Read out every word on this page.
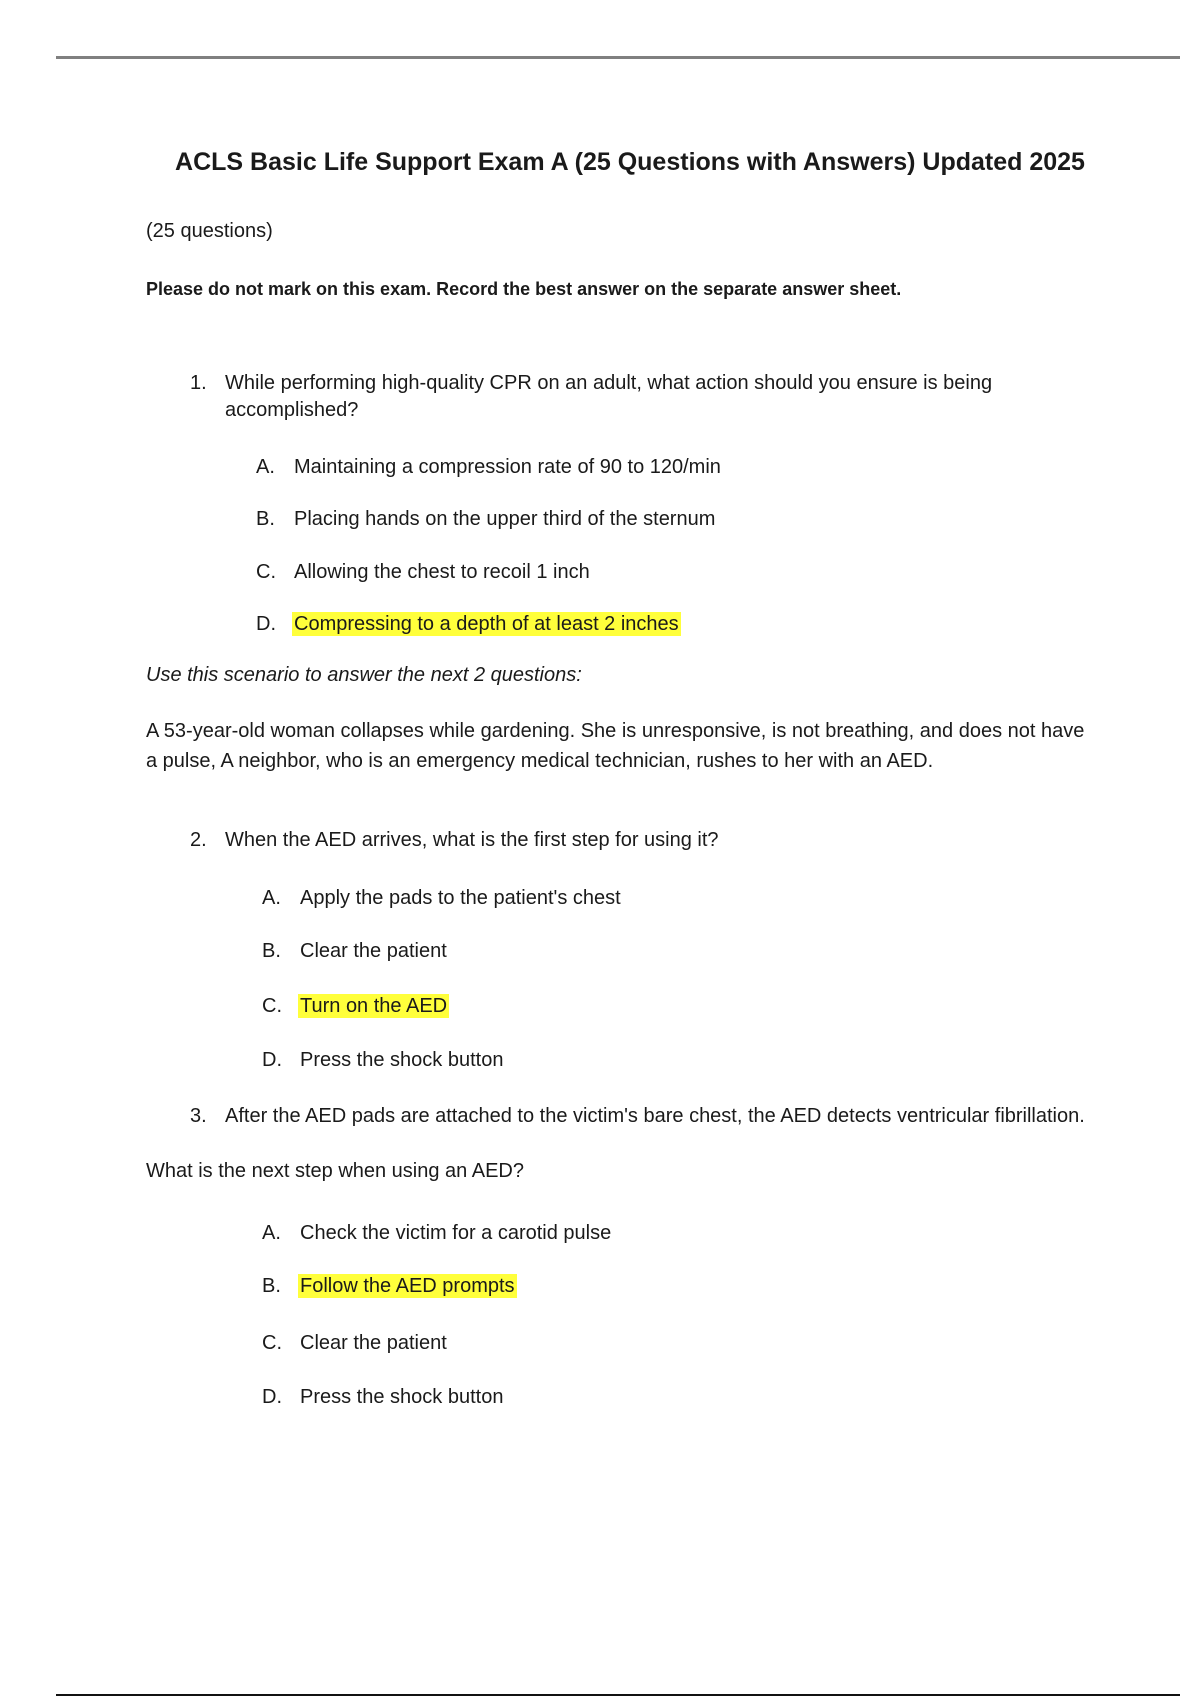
ACLS Basic Life Support Exam A (25 Questions with Answers) Updated 2025
(25 questions)
Please do not mark on this exam. Record the best answer on the separate answer sheet.
1. While performing high-quality CPR on an adult, what action should you ensure is being accomplished?
A. Maintaining a compression rate of 90 to 120/min
B. Placing hands on the upper third of the sternum
C. Allowing the chest to recoil 1 inch
D. Compressing to a depth of at least 2 inches
Use this scenario to answer the next 2 questions:
A 53-year-old woman collapses while gardening. She is unresponsive, is not breathing, and does not have a pulse, A neighbor, who is an emergency medical technician, rushes to her with an AED.
2. When the AED arrives, what is the first step for using it?
A. Apply the pads to the patient's chest
B. Clear the patient
C. Turn on the AED
D. Press the shock button
3. After the AED pads are attached to the victim's bare chest, the AED detects ventricular fibrillation.
What is the next step when using an AED?
A. Check the victim for a carotid pulse
B. Follow the AED prompts
C. Clear the patient
D. Press the shock button
